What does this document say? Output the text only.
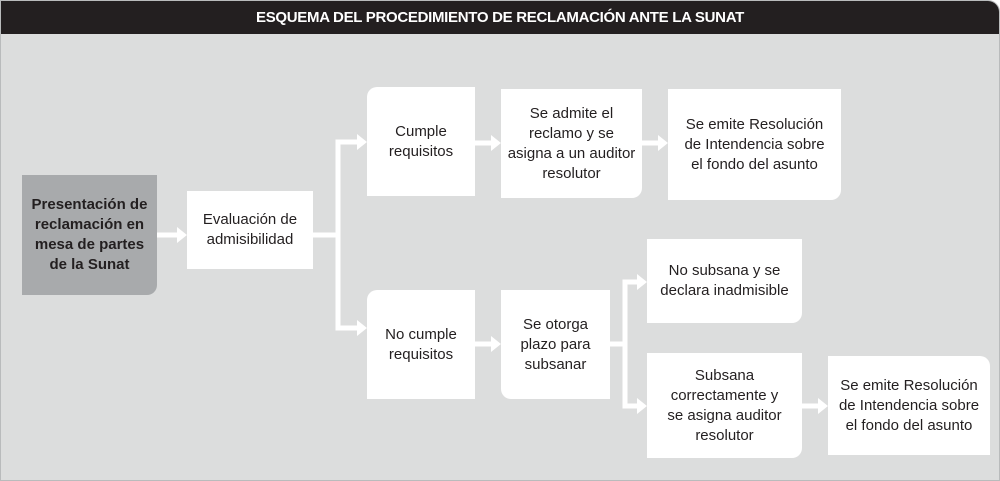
ESQUEMA DEL PROCEDIMIENTO DE RECLAMACIÓN ANTE LA SUNAT
Presentación de
reclamación en
mesa de partes
de la Sunat
Evaluación de
admisibilidad
Cumple
requisitos
Se admite el
reclamo y se
asigna a un auditor
resolutor
Se emite Resolución
de Intendencia sobre
el fondo del asunto
No cumple
requisitos
Se otorga
plazo para
subsanar
No subsana y se
declara inadmisible
Subsana
correctamente y
se asigna auditor
resolutor
Se emite Resolución
de Intendencia sobre
el fondo del asunto
